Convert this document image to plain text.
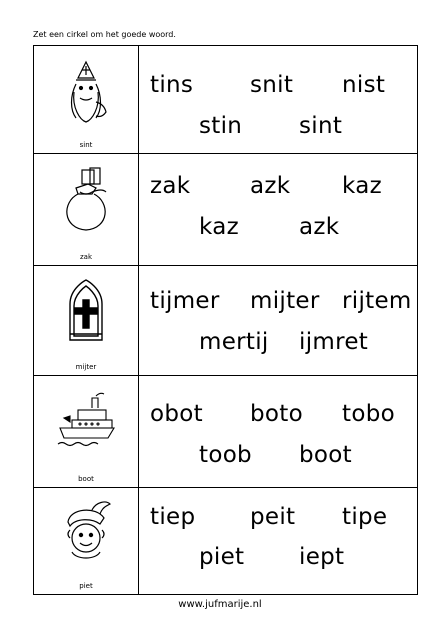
Zet een cirkel om het goede woord.
sint
tins snit nist
stin sint
zak
zak	azk kaz
kaz	azk
mijter
tijmer mijter rijtem
mertij ijmret
boot
obot boto tobo
toob boot
piet
tiep peit tipe
piet iept
www.jufmarije.nl
